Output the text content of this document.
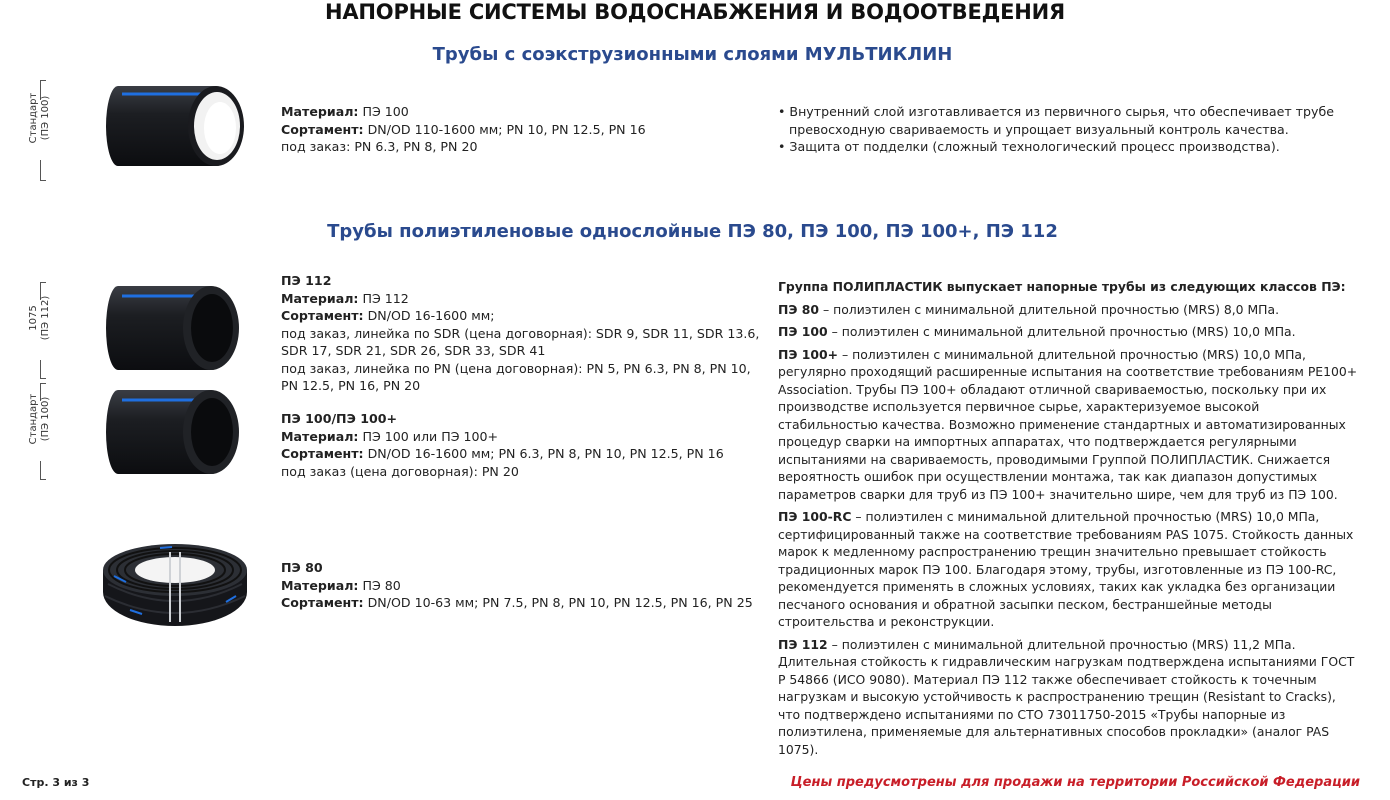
НАПОРНЫЕ СИСТЕМЫ ВОДОСНАБЖЕНИЯ И ВОДООТВЕДЕНИЯ
Трубы с соэкструзионными слоями МУЛЬТИКЛИН
Стандарт (ПЭ 100)	Материал: ПЭ 100
Сортамент: DN/OD 110-1600 мм; PN 10, PN 12.5, PN 16
под заказ: PN 6.3, PN 8, PN 20
• Внутренний слой изготавливается из первичного сырья, что обеспечивает трубе
превосходную свариваемость и упрощает визуальный контроль качества.
• Защита от подделки (сложный технологический процесс производства).
Трубы полиэтиленовые однослойные ПЭ 80, ПЭ 100, ПЭ 100+, ПЭ 112
1075 (ПЭ 112)
Стандарт (ПЭ 100)
ПЭ 112
Материал: ПЭ 112
Сортамент: DN/OD 16-1600 мм;
под заказ, линейка по SDR (цена договорная): SDR 9, SDR 11, SDR 13.6,
SDR 17, SDR 21, SDR 26, SDR 33, SDR 41
под заказ, линейка по PN (цена договорная): PN 5, PN 6.3, PN 8, PN 10,
PN 12.5, PN 16, PN 20
ПЭ 100/ПЭ 100+
Материал: ПЭ 100 или ПЭ 100+
Сортамент: DN/OD 16-1600 мм; PN 6.3, PN 8, PN 10, PN 12.5, PN 16
под заказ (цена договорная): PN 20
ПЭ 80
Материал: ПЭ 80
Сортамент: DN/OD 10-63 мм; PN 7.5, PN 8, PN 10, PN 12.5, PN 16, PN 25

Группа ПОЛИПЛАСТИК выпускает напорные трубы из следующих классов ПЭ:

ПЭ 80 – полиэтилен с минимальной длительной прочностью (MRS) 8,0 МПа.

ПЭ 100 – полиэтилен с минимальной длительной прочностью (MRS) 10,0 МПа.

ПЭ 100+ – полиэтилен с минимальной длительной прочностью (MRS) 10,0 МПа, регулярно проходящий расширенные испытания на соответствие требованиям PE100+ Association. Трубы ПЭ 100+ обладают отличной свариваемостью, поскольку при их производстве используется первичное сырье, характеризуемое высокой стабильностью качества. Возможно применение стандартных и автоматизированных процедур сварки на импортных аппаратах, что подтверждается регулярными испытаниями на свариваемость, проводимыми Группой ПОЛИПЛАСТИК. Снижается вероятность ошибок при осуществлении монтажа, так как диапазон допустимых параметров сварки для труб из ПЭ 100+ значительно шире, чем для труб из ПЭ 100.

ПЭ 100-RC – полиэтилен с минимальной длительной прочностью (MRS) 10,0 МПа, сертифицированный также на соответствие требованиям PAS 1075. Стойкость данных марок к медленному распространению трещин значительно превышает стойкость традиционных марок ПЭ 100. Благодаря этому, трубы, изготовленные из ПЭ 100-RC, рекомендуется применять в сложных условиях, таких как укладка без организации песчаного основания и обратной засыпки песком, бестраншейные методы строительства и реконструкции.

ПЭ 112 – полиэтилен с минимальной длительной прочностью (MRS) 11,2 МПа. Длительная стойкость к гидравлическим нагрузкам подтверждена испытаниями ГОСТ Р 54866 (ИСО 9080). Материал ПЭ 112 также обеспечивает стойкость к точечным нагрузкам и высокую устойчивость к распространению трещин (Resistant to Cracks), что подтверждено испытаниями по СТО 73011750-2015 «Трубы напорные из полиэтилена, применяемые для альтернативных способов прокладки» (аналог PAS 1075).

Стр. 3 из 3	Цены предусмотрены для продажи на территории Российской Федерации
